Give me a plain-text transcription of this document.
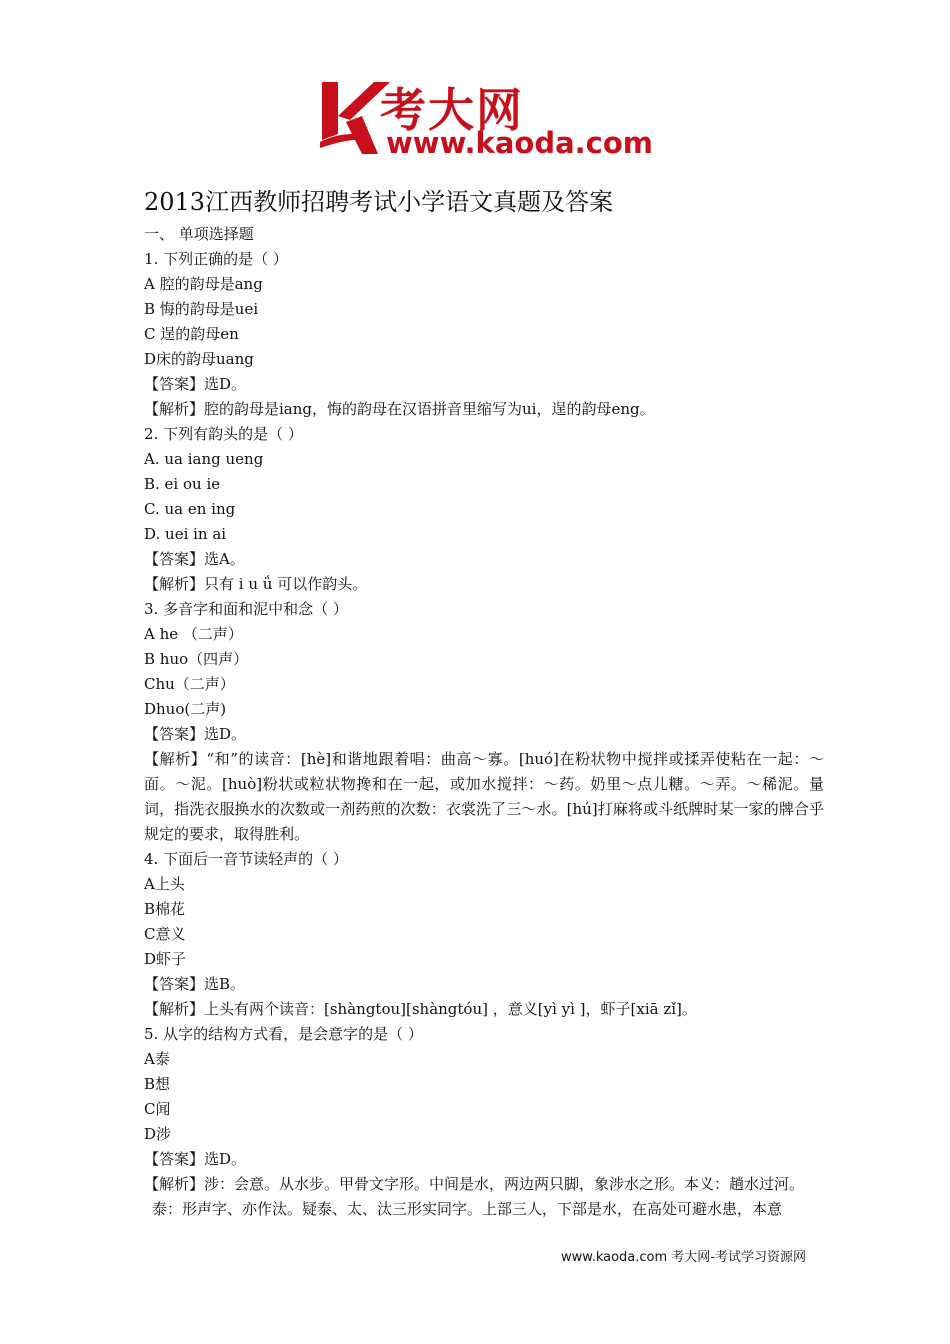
考大网
www.kaoda.com
2013江西教师招聘考试小学语文真题及答案
一、 单项选择题
1. 下列正确的是（ ）
A 腔的韵母是ang
B 悔的韵母是uei
C 逞的韵母en
D床的韵母uang
【答案】选D。
【解析】腔的韵母是iang，悔的韵母在汉语拼音里缩写为ui，逞的韵母eng。
2. 下列有韵头的是（ ）
A. ua iang ueng
B. ei ou ie
C. ua en ing
D. uei in ai
【答案】选A。
【解析】只有 i u ǘ 可以作韵头。
3. 多音字和面和泥中和念（ ）
A he （二声）
B huo（四声）
Chu（二声）
Dhuo(二声)
【答案】选D。
【解析】“和”的读音：[hè]和谐地跟着唱：曲高～寡。[huó]在粉状物中搅拌或揉弄使粘在一起：～面。～泥。[huò]粉状或粒状物搀和在一起，或加水搅拌：～药。奶里～点儿糖。～弄。～稀泥。量词，指洗衣服换水的次数或一剂药煎的次数：衣裳洗了三～水。[hú]打麻将或斗纸牌时某一家的牌合乎规定的要求，取得胜利。
4. 下面后一音节读轻声的（ ）
A上头
B棉花
C意义
D虾子
【答案】选B。
【解析】上头有两个读音：[shàngtou][shàngtóu] ，意义[yì yì ]，虾子[xiā zǐ]。
5. 从字的结构方式看，是会意字的是（ ）
A泰
B想
C闻
D涉
【答案】选D。
【解析】涉：会意。从水步。甲骨文字形。中间是水，两边两只脚，象涉水之形。本义：趟水过河。
泰：形声字、亦作汰。疑泰、太、汰三形实同字。上部三人，下部是水，在高处可避水患，本意
www.kaoda.com 考大网-考试学习资源网
